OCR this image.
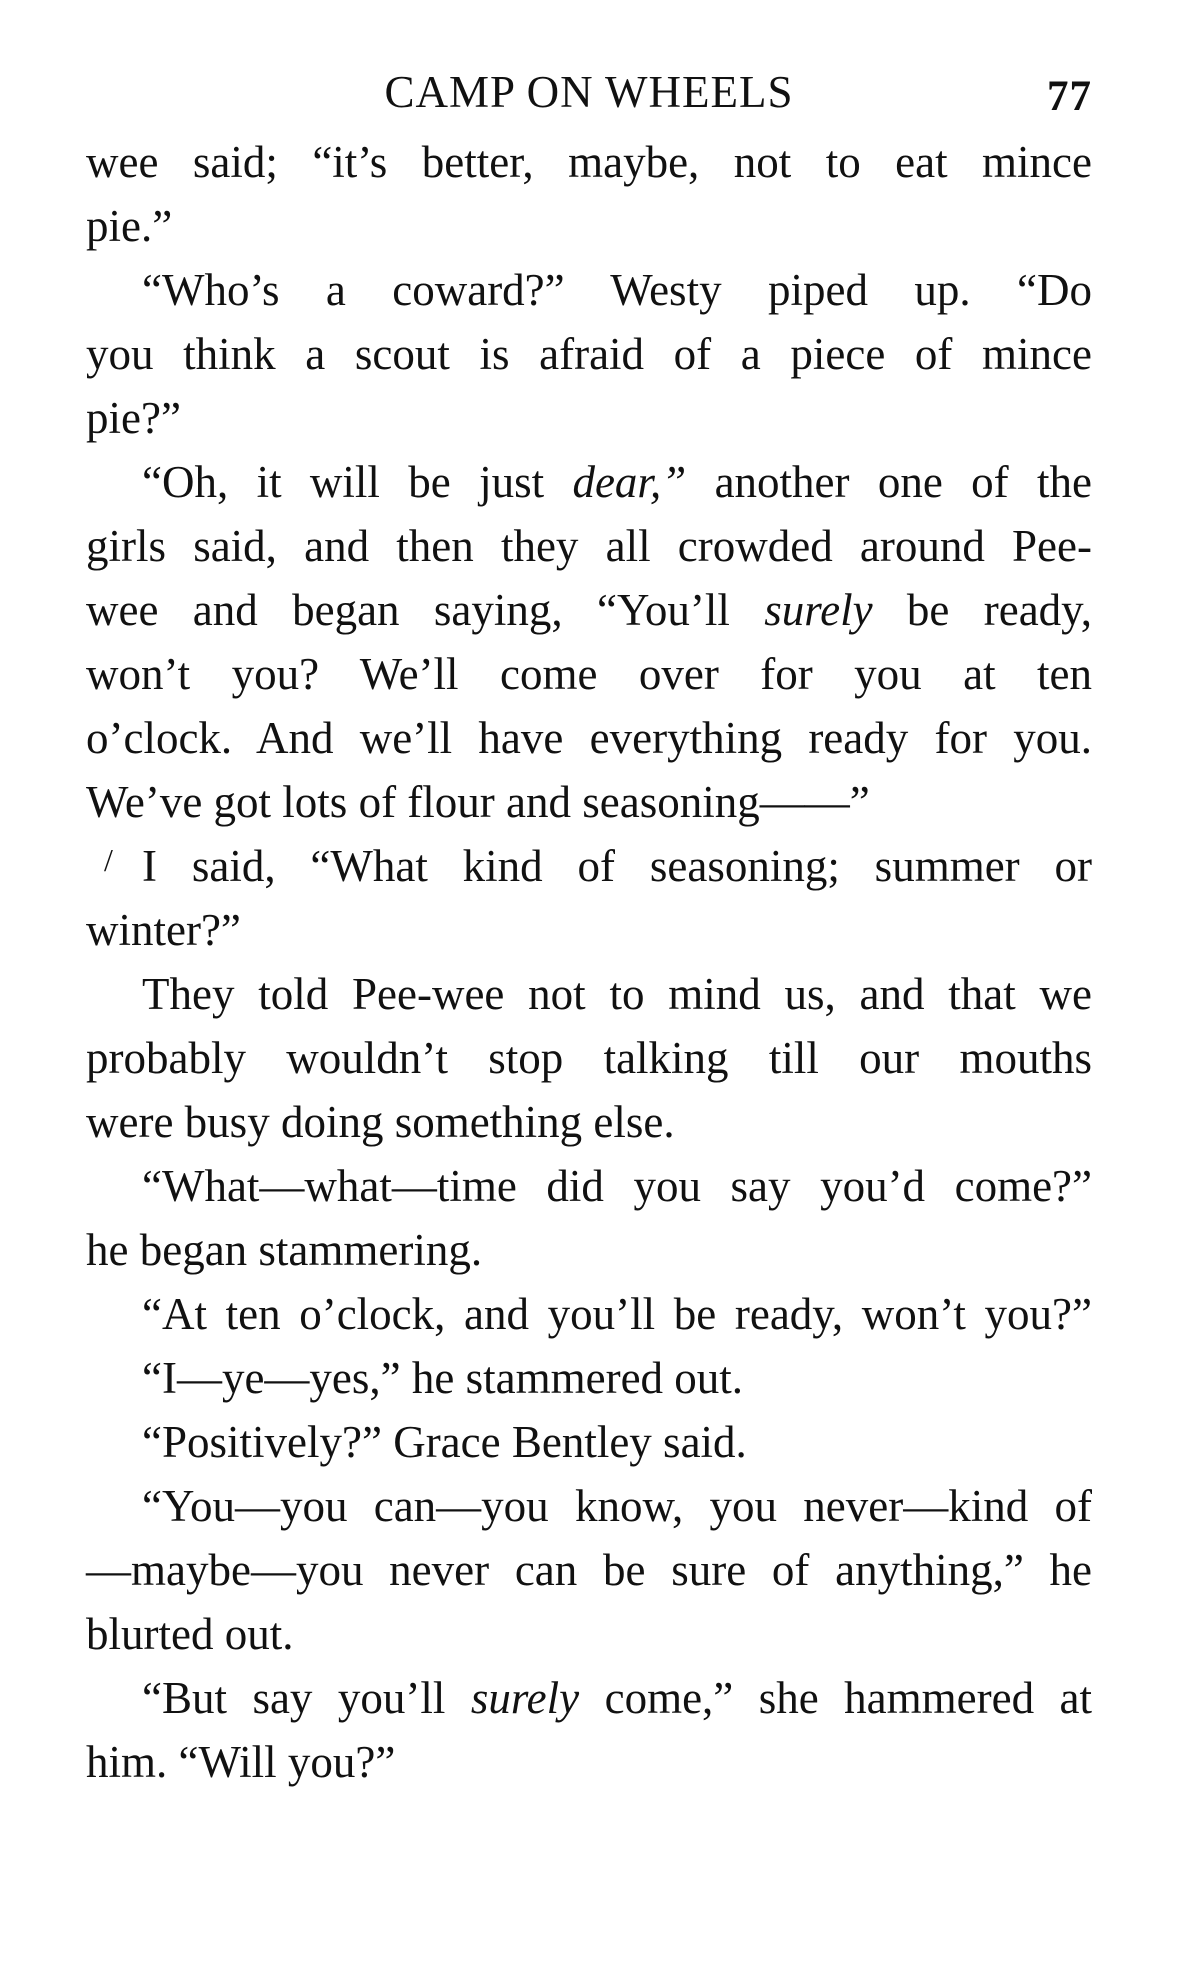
CAMP ON WHEELS	77
wee said; “it’s better, maybe, not to eat mince
pie.”
“Who’s a coward?” Westy piped up. “Do
you think a scout is afraid of a piece of mince
pie?”
“Oh, it will be just dear,” another one of the
girls said, and then they all crowded around Pee-
wee and began saying, “You’ll surely be ready,
won’t you? We’ll come over for you at ten
o’clock. And we’ll have everything ready for you.
We’ve got lots of flour and seasoning——”
I said, “What kind of seasoning; summer or
/
winter?”
They told Pee-wee not to mind us, and that we
probably wouldn’t stop talking till our mouths
were busy doing something else.
“What—what—time did you say you’d come?”
he began stammering.
“At ten o’clock, and you’ll be ready, won’t you?”
“I—ye—yes,” he stammered out.
“Positively?” Grace Bentley said.
“You—you can—you know, you never—kind of
—maybe—you never can be sure of anything,” he
blurted out.
“But say you’ll surely come,” she hammered at
him. “Will you?”
